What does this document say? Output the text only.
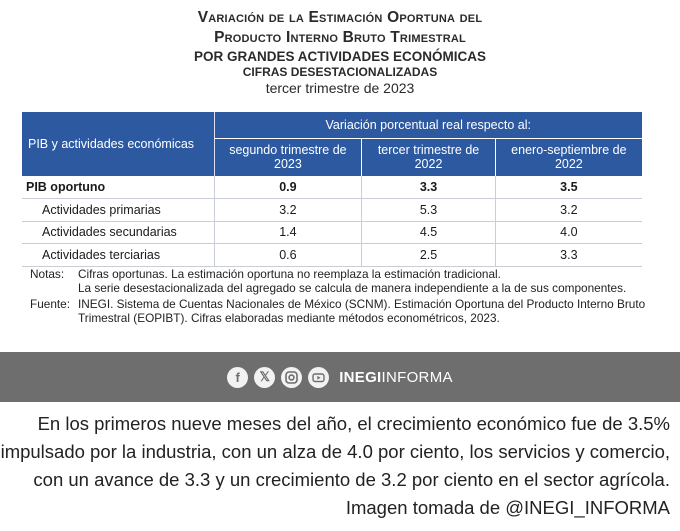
Variación de la Estimación Oportuna del
Producto Interno Bruto Trimestral
POR GRANDES ACTIVIDADES ECONÓMICAS
CIFRAS DESESTACIONALIZADAS
tercer trimestre de 2023
PIB y actividades económicas	Variación porcentual real respecto al:		
	segundo trimestre de 2023	tercer trimestre de 2022	enero-septiembre de 2022
PIB oportuno	0.9	3.3	3.5
Actividades primarias	3.2	5.3	3.2
Actividades secundarias	1.4	4.5	4.0
Actividades terciarias	0.6	2.5	3.3
Notas:	Cifras oportunas. La estimación oportuna no reemplaza la estimación tradicional.
La serie desestacionalizada del agregado se calcula de manera independiente a la de sus componentes.
Fuente: INEGI. Sistema de Cuentas Nacionales de México (SCNM). Estimación Oportuna del Producto Interno Bruto Trimestral (EOPIBT). Cifras elaboradas mediante métodos econométricos, 2023.
f	𝕏	INEGIINFORMA
En los primeros nueve meses del año, el crecimiento económico fue de 3.5% impulsado por la industria, con un alza de 4.0 por ciento, los servicios y comercio, con un avance de 3.3 y un crecimiento de 3.2 por ciento en el sector agrícola. Imagen tomada de @INEGI_INFORMA
